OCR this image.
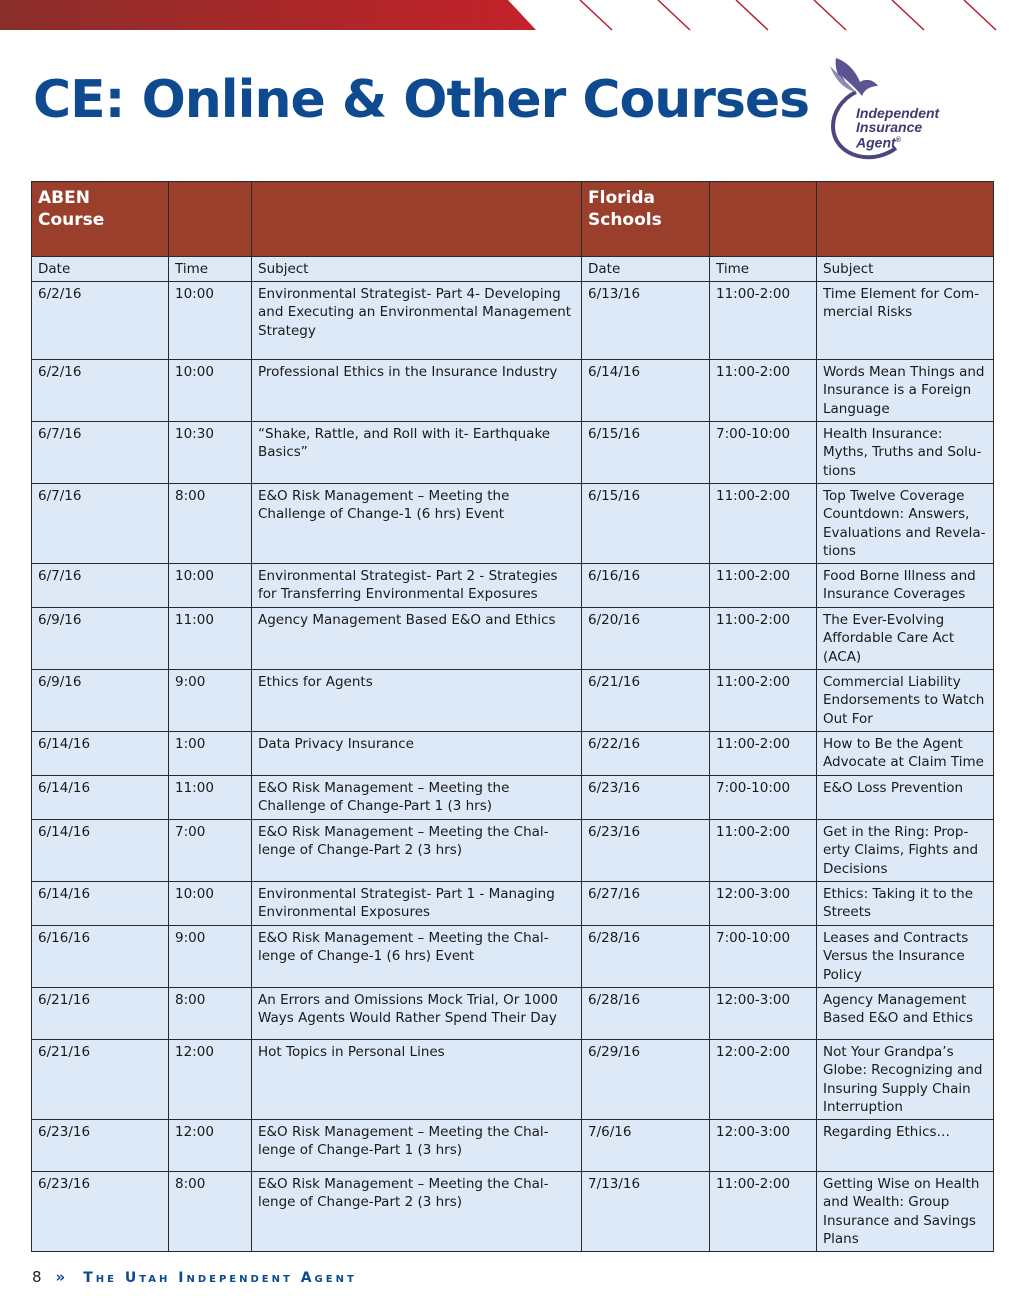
CE: Online & Other Courses	Independent
Insurance
Agent®
ABEN Course			Florida Schools		
Date	Time	Subject	Date	Time	Subject
6/2/16	10:00	Environmental Strategist- Part 4- Developing and Executing an Environmental Management Strategy	6/13/16	11:00-2:00	Time Element for Commercial Risks
6/2/16	10:00	Professional Ethics in the Insurance Industry	6/14/16	11:00-2:00	Words Mean Things and Insurance is a Foreign Language
6/7/16	10:30	“Shake, Rattle, and Roll with it- Earthquake Basics”	6/15/16	7:00-10:00	Health Insurance: Myths, Truths and Solutions
6/7/16	8:00	E&O Risk Management – Meeting the Challenge of Change-1 (6 hrs) Event	6/15/16	11:00-2:00	Top Twelve Coverage Countdown: Answers, Evaluations and Revelations
6/7/16	10:00	Environmental Strategist- Part 2 - Strategies for Transferring Environmental Exposures	6/16/16	11:00-2:00	Food Borne Illness and Insurance Coverages
6/9/16	11:00	Agency Management Based E&O and Ethics	6/20/16	11:00-2:00	The Ever-Evolving Affordable Care Act (ACA)
6/9/16	9:00	Ethics for Agents	6/21/16	11:00-2:00	Commercial Liability Endorsements to Watch Out For
6/14/16	1:00	Data Privacy Insurance	6/22/16	11:00-2:00	How to Be the Agent Advocate at Claim Time
6/14/16	11:00	E&O Risk Management – Meeting the Challenge of Change-Part 1 (3 hrs)	6/23/16	7:00-10:00	E&O Loss Prevention
6/14/16	7:00	E&O Risk Management – Meeting the Challenge of Change-Part 2 (3 hrs)	6/23/16	11:00-2:00	Get in the Ring: Property Claims, Fights and Decisions
6/14/16	10:00	Environmental Strategist- Part 1 - Managing Environmental Exposures	6/27/16	12:00-3:00	Ethics: Taking it to the Streets
6/16/16	9:00	E&O Risk Management – Meeting the Challenge of Change-1 (6 hrs) Event	6/28/16	7:00-10:00	Leases and Contracts Versus the Insurance Policy
6/21/16	8:00	An Errors and Omissions Mock Trial, Or 1000 Ways Agents Would Rather Spend Their Day	6/28/16	12:00-3:00	Agency Management Based E&O and Ethics
6/21/16	12:00	Hot Topics in Personal Lines	6/29/16	12:00-2:00	Not Your Grandpa’s Globe: Recognizing and Insuring Supply Chain Interruption
6/23/16	12:00	E&O Risk Management – Meeting the Challenge of Change-Part 1 (3 hrs)	7/6/16	12:00-3:00	Regarding Ethics…
6/23/16	8:00	E&O Risk Management – Meeting the Challenge of Change-Part 2 (3 hrs)	7/13/16	11:00-2:00	Getting Wise on Health and Wealth: Group Insurance and Savings Plans
8 » The Utah Independent Agent
